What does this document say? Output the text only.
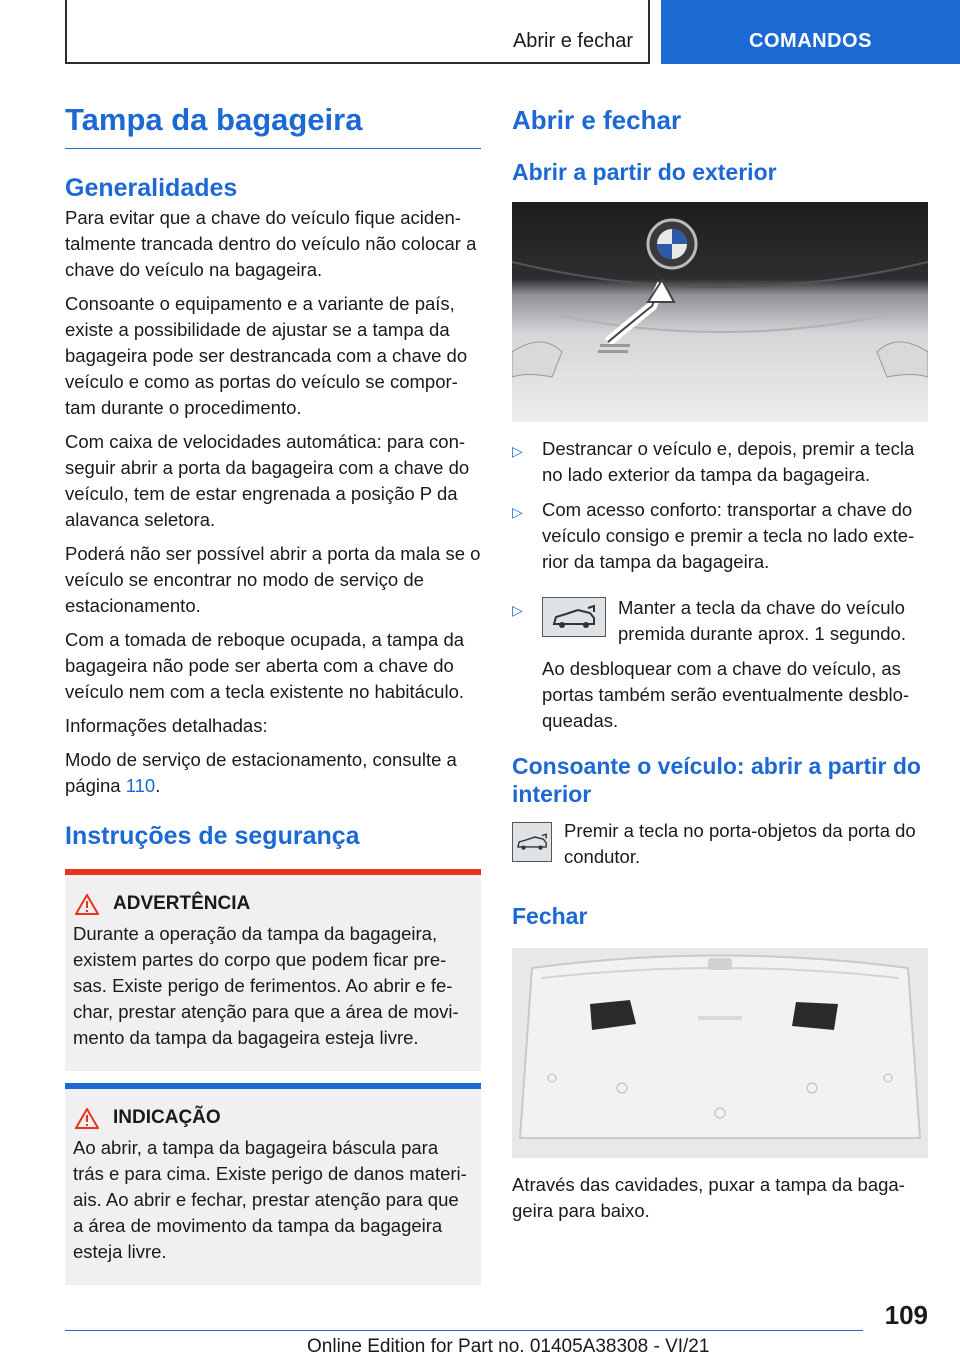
Abrir e fechar	COMANDOS
Tampa da bagageira
Generalidades

Para evitar que a chave do veículo fique acidentalmente trancada dentro do veículo não colocar a chave do veículo na bagageira.

Consoante o equipamento e a variante de país, existe a possibilidade de ajustar se a tampa da bagageira pode ser destrancada com a chave do veículo e como as portas do veículo se comportam durante o procedimento.

Com caixa de velocidades automática: para conseguir abrir a porta da bagageira com a chave do veículo, tem de estar engrenada a posição P da alavanca seletora.

Poderá não ser possível abrir a porta da mala se o veículo se encontrar no modo de serviço de estacionamento.

Com a tomada de reboque ocupada, a tampa da bagageira não pode ser aberta com a chave do veículo nem com a tecla existente no habitáculo.

Informações detalhadas:

Modo de serviço de estacionamento, consulte a página 110.

Instruções de segurança
ADVERTÊNCIA

Durante a operação da tampa da bagageira, existem partes do corpo que podem ficar presas. Existe perigo de ferimentos. Ao abrir e fechar, prestar atenção para que a área de movimento da tampa da bagageira esteja livre.

INDICAÇÃO

Ao abrir, a tampa da bagageira báscula para trás e para cima. Existe perigo de danos materiais. Ao abrir e fechar, prestar atenção para que a área de movimento da tampa da bagageira esteja livre.

Abrir e fechar
Abrir a partir do exterior
▷	Destrancar o veículo e, depois, premir a tecla no lado exterior da tampa da bagageira.
▷	Com acesso conforto: transportar a chave do veículo consigo e premir a tecla no lado exterior da tampa da bagageira.
▷	Manter a tecla da chave do veículo premida durante aprox. 1 segundo.

Ao desbloquear com a chave do veículo, as portas também serão eventualmente desbloqueadas.

Consoante o veículo: abrir a partir do interior
Premir a tecla no porta-objetos da porta do condutor.
Fechar

Através das cavidades, puxar a tampa da bagageira para baixo.

109
Online Edition for Part no. 01405A38308 - VI/21
